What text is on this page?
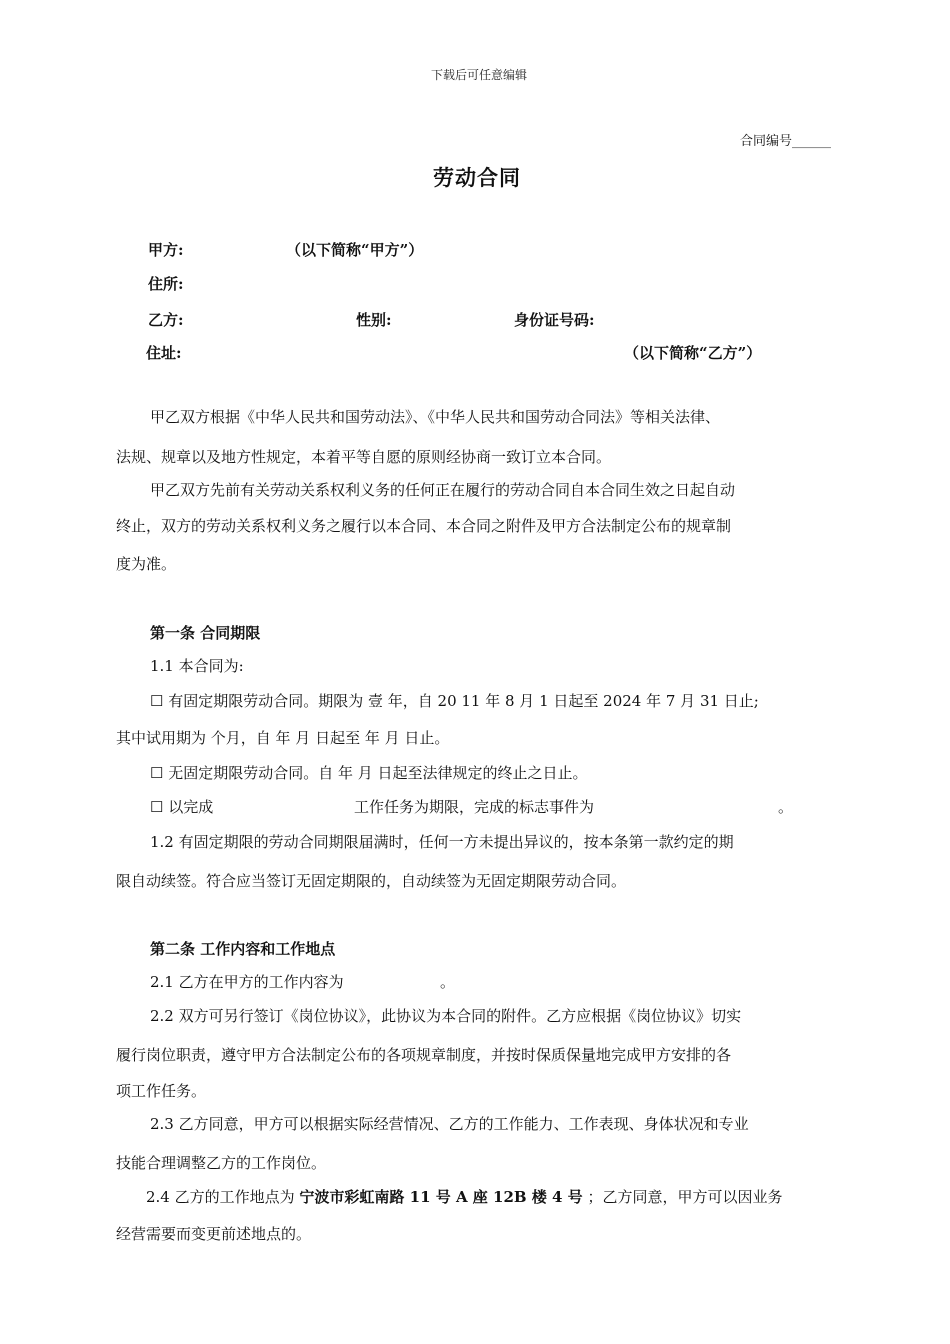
下载后可任意编辑
合同编号______
劳动合同
甲方:	（以下简称“甲方”）
住所:
乙方:	性别:	身份证号码:
住址:	（以下简称“乙方”）
甲乙双方根据《中华人民共和国劳动法》、《中华人民共和国劳动合同法》等相关法律、
法规、规章以及地方性规定，本着平等自愿的原则经协商一致订立本合同。
甲乙双方先前有关劳动关系权利义务的任何正在履行的劳动合同自本合同生效之日起自动
终止，双方的劳动关系权利义务之履行以本合同、本合同之附件及甲方合法制定公布的规章制
度为准。
第一条 合同期限
1.1 本合同为:
☐ 有固定期限劳动合同。期限为 壹 年，自 20 11 年 8 月 1 日起至 2024 年 7 月 31 日止;
其中试用期为 个月，自 年 月 日起至 年 月 日止。
☐ 无固定期限劳动合同。自 年 月 日起至法律规定的终止之日止。
☐ 以完成	工作任务为期限，完成的标志事件为	。
1.2 有固定期限的劳动合同期限届满时，任何一方未提出异议的，按本条第一款约定的期
限自动续签。符合应当签订无固定期限的，自动续签为无固定期限劳动合同。
第二条 工作内容和工作地点
2.1 乙方在甲方的工作内容为	。
2.2 双方可另行签订《岗位协议》，此协议为本合同的附件。乙方应根据《岗位协议》切实
履行岗位职责，遵守甲方合法制定公布的各项规章制度，并按时保质保量地完成甲方安排的各
项工作任务。
2.3 乙方同意，甲方可以根据实际经营情况、乙方的工作能力、工作表现、身体状况和专业
技能合理调整乙方的工作岗位。
2.4 乙方的工作地点为 宁波市彩虹南路 11 号 A 座 12B 楼 4 号 ；乙方同意，甲方可以因业务
经营需要而变更前述地点的。
